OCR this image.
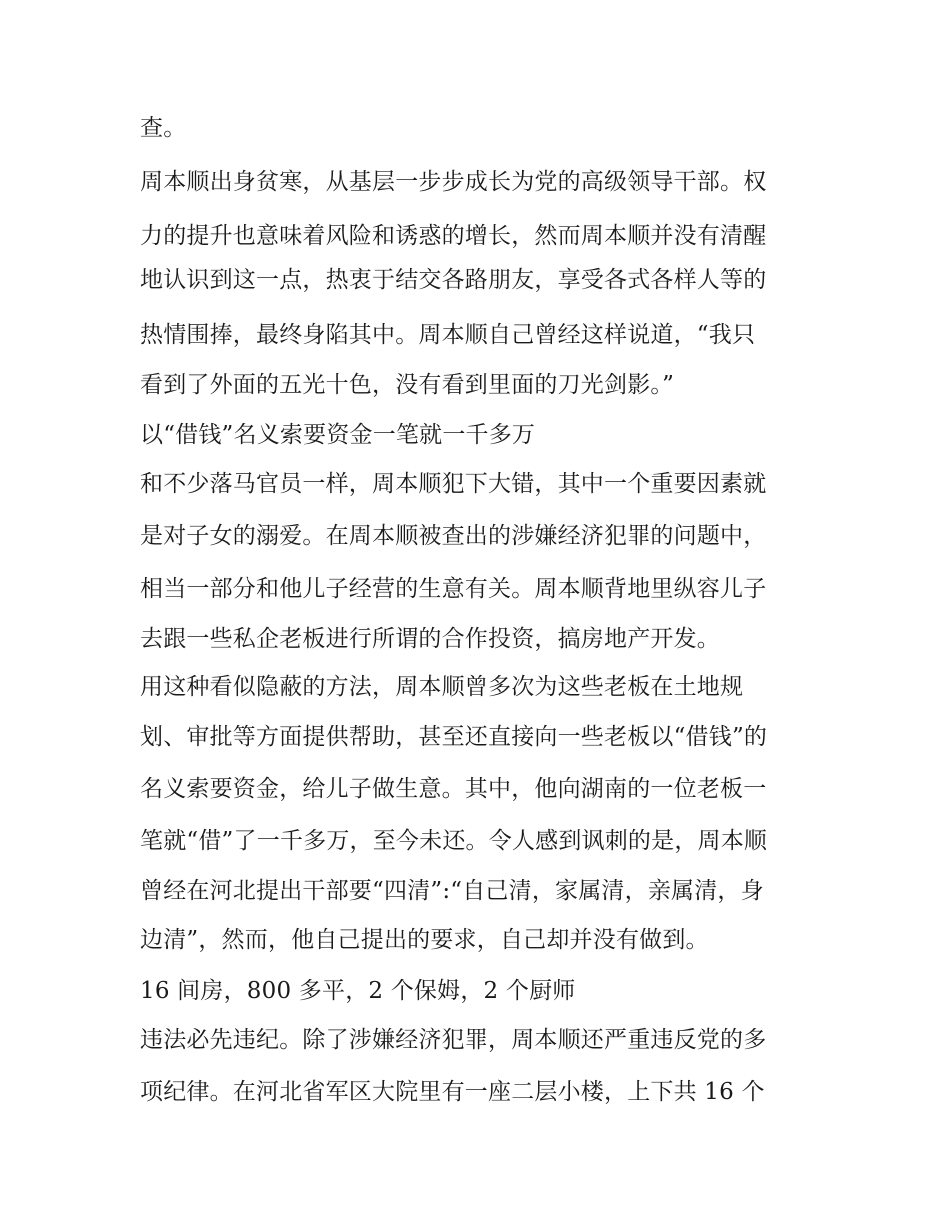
查。
周本顺出身贫寒，从基层一步步成长为党的高级领导干部。权
力的提升也意味着风险和诱惑的增长，然而周本顺并没有清醒
地认识到这一点，热衷于结交各路朋友，享受各式各样人等的
热情围捧，最终身陷其中。周本顺自己曾经这样说道，“我只
看到了外面的五光十色，没有看到里面的刀光剑影。”
以“借钱”名义索要资金一笔就一千多万
和不少落马官员一样，周本顺犯下大错，其中一个重要因素就
是对子女的溺爱。在周本顺被查出的涉嫌经济犯罪的问题中，
相当一部分和他儿子经营的生意有关。周本顺背地里纵容儿子
去跟一些私企老板进行所谓的合作投资，搞房地产开发。
用这种看似隐蔽的方法，周本顺曾多次为这些老板在土地规
划、审批等方面提供帮助，甚至还直接向一些老板以“借钱”的
名义索要资金，给儿子做生意。其中，他向湖南的一位老板一
笔就“借”了一千多万，至今未还。令人感到讽刺的是，周本顺
曾经在河北提出干部要“四清”:“自己清，家属清，亲属清，身
边清”，然而，他自己提出的要求，自己却并没有做到。
16 间房，800 多平，2 个保姆，2 个厨师
违法必先违纪。除了涉嫌经济犯罪，周本顺还严重违反党的多
项纪律。在河北省军区大院里有一座二层小楼，上下共 16 个
